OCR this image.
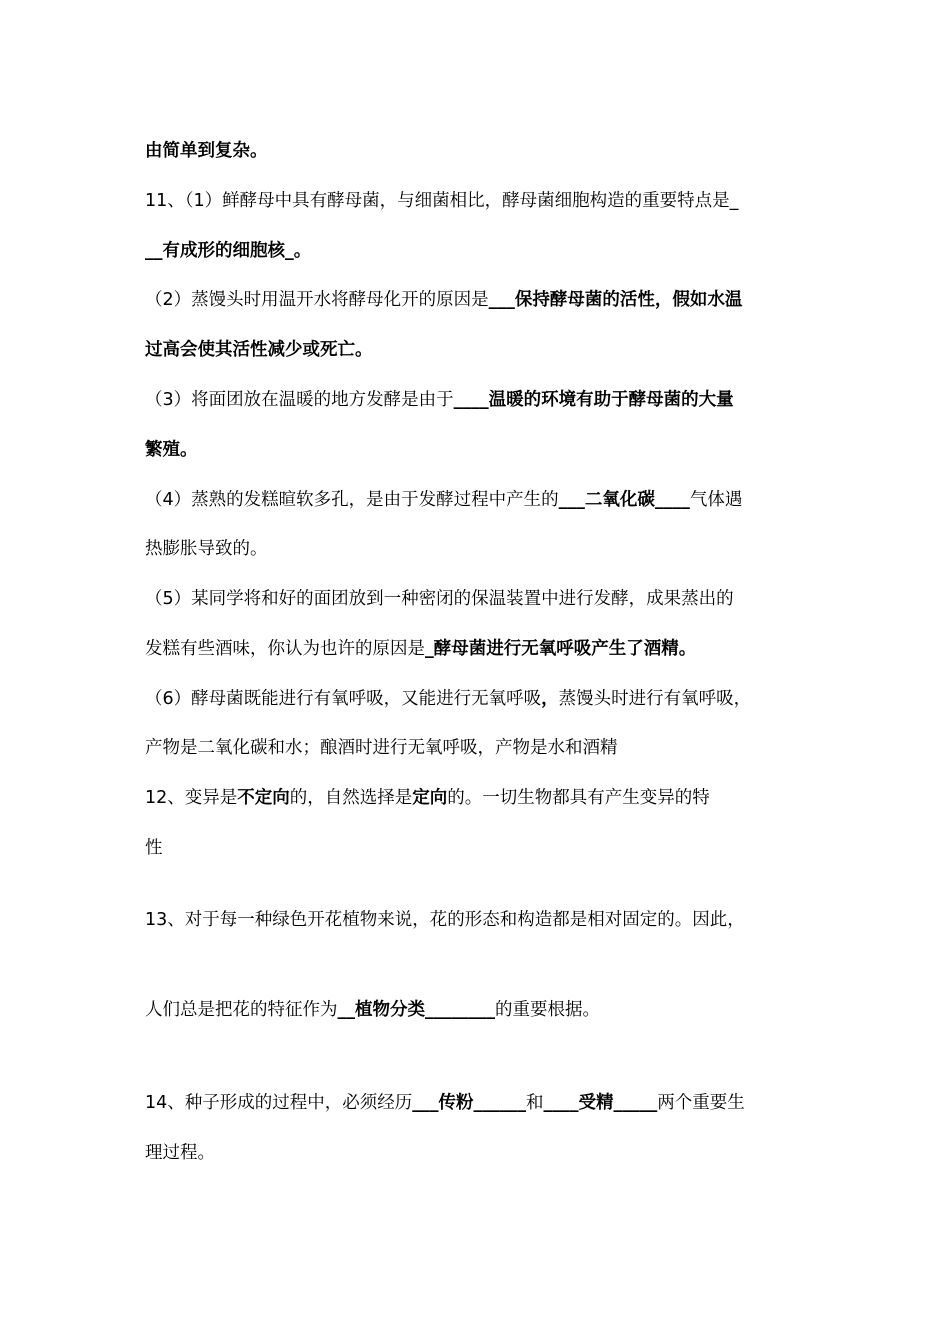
由简单到复杂。
11、（1）鲜酵母中具有酵母菌，与细菌相比，酵母菌细胞构造的重要特点是_
__有成形的细胞核_。
（2）蒸馒头时用温开水将酵母化开的原因是___保持酵母菌的活性，假如水温
过高会使其活性减少或死亡。
（3）将面团放在温暖的地方发酵是由于____温暖的环境有助于酵母菌的大量
繁殖。
（4）蒸熟的发糕暄软多孔，是由于发酵过程中产生的___二氧化碳____气体遇
热膨胀导致的。
（5）某同学将和好的面团放到一种密闭的保温装置中进行发酵，成果蒸出的
发糕有些酒味，你认为也许的原因是_酵母菌进行无氧呼吸产生了酒精。
（6）酵母菌既能进行有氧呼吸，又能进行无氧呼吸，蒸馒头时进行有氧呼吸，
产物是二氧化碳和水；酿酒时进行无氧呼吸，产物是水和酒精
12、变异是不定向的，自然选择是定向的。一切生物都具有产生变异的特
性
13、对于每一种绿色开花植物来说，花的形态和构造都是相对固定的。因此，
人们总是把花的特征作为__植物分类________的重要根据。
14、种子形成的过程中，必须经历___传粉______和____受精_____两个重要生
理过程。
